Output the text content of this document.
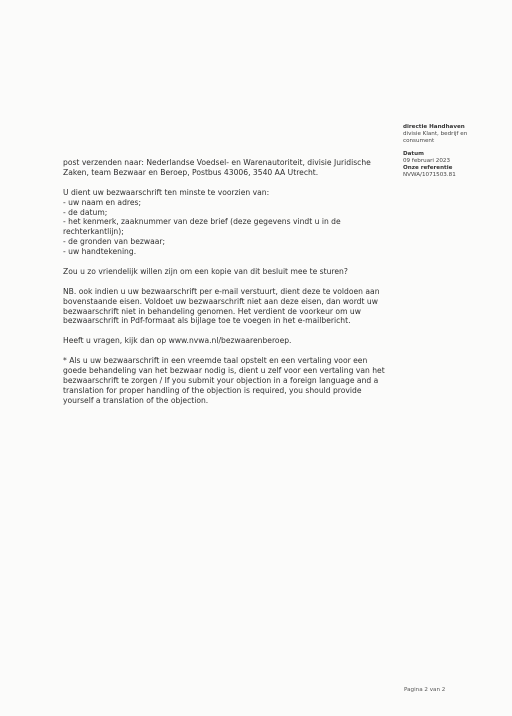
directie Handhaven
divisie Klant, bedrijf en consument
Datum
09 februari 2023
Onze referentie
NVWA/1071503.81

post verzenden naar: Nederlandse Voedsel- en Warenautoriteit, divisie Juridische Zaken, team Bezwaar en Beroep, Postbus 43006, 3540 AA Utrecht.

U dient uw bezwaarschrift ten minste te voorzien van:
- uw naam en adres;
- de datum;
- het kenmerk, zaaknummer van deze brief (deze gegevens vindt u in de rechterkantlijn);
- de gronden van bezwaar;
- uw handtekening.

Zou u zo vriendelijk willen zijn om een kopie van dit besluit mee te sturen?

NB. ook indien u uw bezwaarschrift per e-mail verstuurt, dient deze te voldoen aan bovenstaande eisen. Voldoet uw bezwaarschrift niet aan deze eisen, dan wordt uw bezwaarschrift niet in behandeling genomen. Het verdient de voorkeur om uw bezwaarschrift in Pdf-formaat als bijlage toe te voegen in het e-mailbericht.

Heeft u vragen, kijk dan op www.nvwa.nl/bezwaarenberoep.

* Als u uw bezwaarschrift in een vreemde taal opstelt en een vertaling voor een goede behandeling van het bezwaar nodig is, dient u zelf voor een vertaling van het bezwaarschrift te zorgen / If you submit your objection in a foreign language and a translation for proper handling of the objection is required, you should provide yourself a translation of the objection.

Pagina 2 van 2
